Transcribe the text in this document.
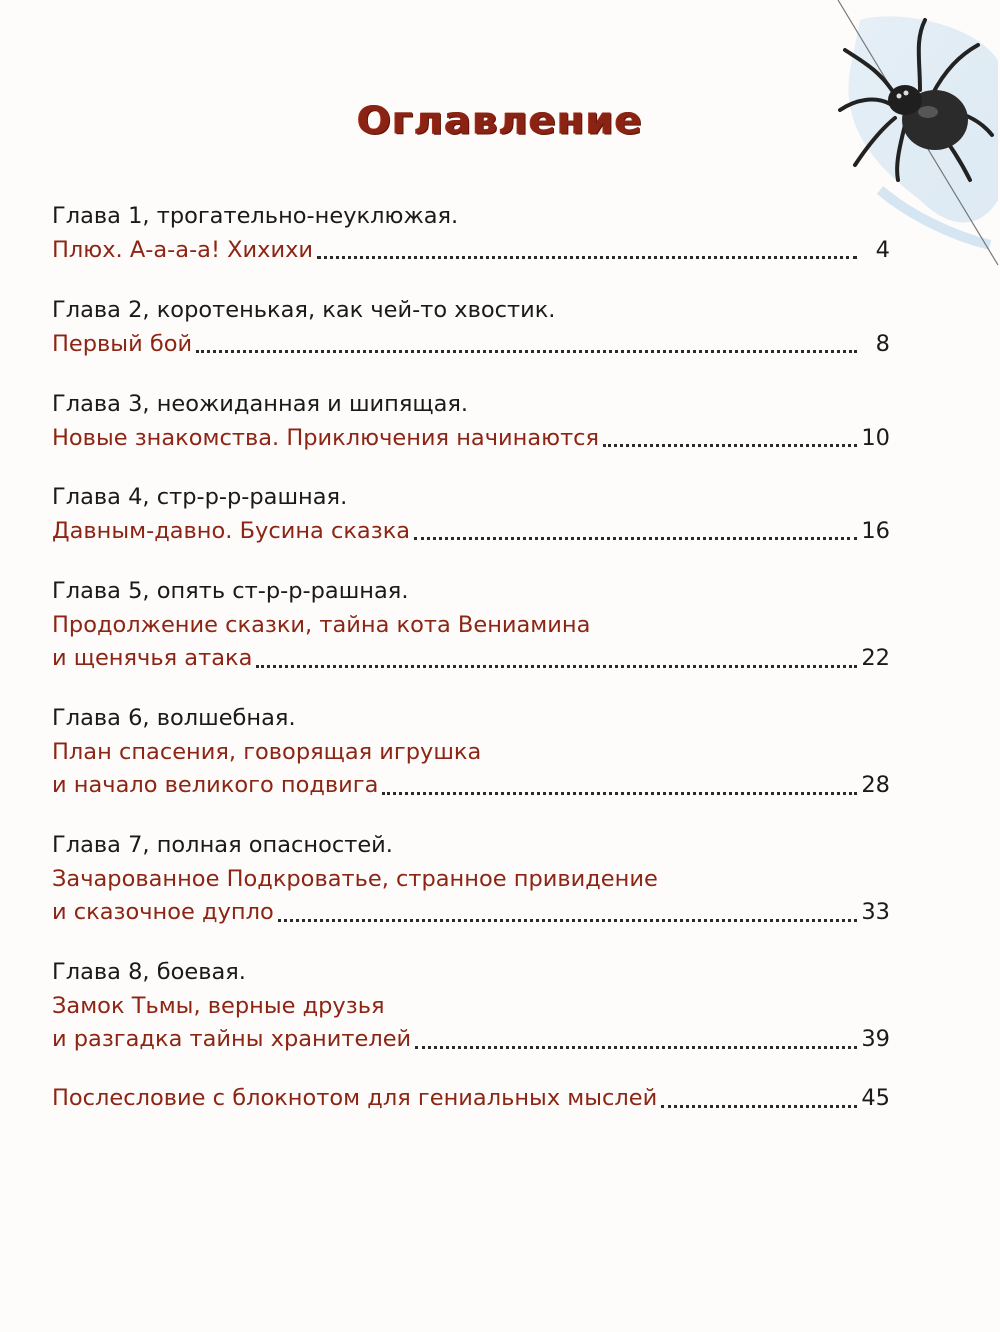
Оглавление
Глава 1, трогательно-неуклюжая.
Плюх. А-а-а-а! Хихихи	4
Глава 2, коротенькая, как чей-то хвостик.
Первый бой	8
Глава 3, неожиданная и шипящая.
Новые знакомства. Приключения начинаются	10
Глава 4, стр-р-р-рашная.
Давным-давно. Бусина сказка	16
Глава 5, опять ст-р-р-рашная.
Продолжение сказки, тайна кота Вениамина
и щенячья атака	22
Глава 6, волшебная.
План спасения, говорящая игрушка
и начало великого подвига	28
Глава 7, полная опасностей.
Зачарованное Подкроватье, странное привидение
и сказочное дупло	33
Глава 8, боевая.
Замок Тьмы, верные друзья
и разгадка тайны хранителей	39
Послесловие с блокнотом для гениальных мыслей	45
